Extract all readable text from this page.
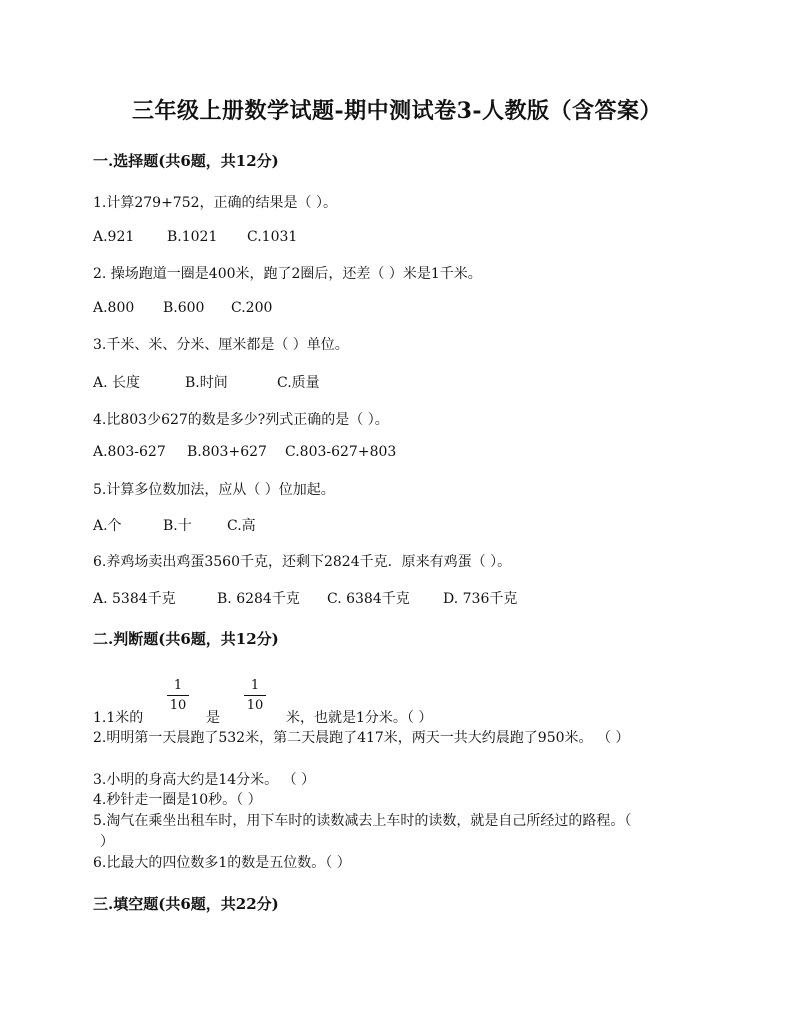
三年级上册数学试题-期中测试卷3-人教版（含答案）
一.选择题(共6题，共12分)
1.计算279+752，正确的结果是（ ）。
A.921	B.1021	C.1031
2. 操场跑道一圈是400米，跑了2圈后，还差（ ）米是1千米。
A.800	B.600	C.200
3.千米、米、分米、厘米都是（ ）单位。
A. 长度	B.时间	C.质量
4.比803少627的数是多少?列式正确的是（ ）。
A.803-627	B.803+627	C.803-627+803
5.计算多位数加法，应从（ ）位加起。
A.个	B.十	C.高
6.养鸡场卖出鸡蛋3560千克，还剩下2824千克．原来有鸡蛋（ ）。
A. 5384千克	B. 6284千克	C. 6384千克	D. 736千克
二.判断题(共6题，共12分)
1
10
1
10
1.1米的	是	米，也就是1分米。（ ）
2.明明第一天晨跑了532米，第二天晨跑了417米，两天一共大约晨跑了950米。 （ ）
3.小明的身高大约是14分米。 （ ）
4.秒针走一圈是10秒。（ ）
5.淘气在乘坐出租车时，用下车时的读数减去上车时的读数，就是自己所经过的路程。（
）
6.比最大的四位数多1的数是五位数。（ ）
三.填空题(共6题，共22分)
